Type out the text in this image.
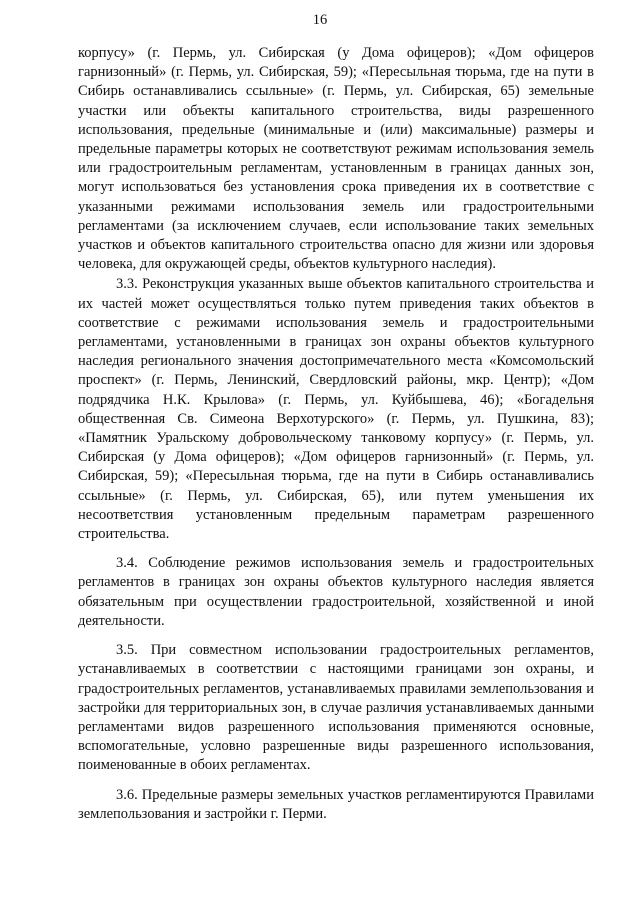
16

корпусу» (г. Пермь, ул. Сибирская (у Дома офицеров); «Дом офицеров гарнизонный» (г. Пермь, ул. Сибирская, 59); «Пересыльная тюрьма, где на пути в Сибирь останавливались ссыльные» (г. Пермь, ул. Сибирская, 65) земельные участки или объекты капитального строительства, виды разрешенного использования, предельные (минимальные и (или) максимальные) размеры и предельные параметры которых не соответствуют режимам использования земель или градостроительным регламентам, установленным в границах данных зон, могут использоваться без установления срока приведения их в соответствие с указанными режимами использования земель или градостроительными регламентами (за исключением случаев, если использование таких земельных участков и объектов капитального строительства опасно для жизни или здоровья человека, для окружающей среды, объектов культурного наследия).

3.3. Реконструкция указанных выше объектов капитального строительства и их частей может осуществляться только путем приведения таких объектов в соответствие с режимами использования земель и градостроительными регламентами, установленными в границах зон охраны объектов культурного наследия регионального значения достопримечательного места «Комсомольский проспект» (г. Пермь, Ленинский, Свердловский районы, мкр. Центр); «Дом подрядчика Н.К. Крылова» (г. Пермь, ул. Куйбышева, 46); «Богадельня общественная Св. Симеона Верхотурского» (г. Пермь, ул. Пушкина, 83); «Памятник Уральскому добровольческому танковому корпусу» (г. Пермь, ул. Сибирская (у Дома офицеров); «Дом офицеров гарнизонный» (г. Пермь, ул. Сибирская, 59); «Пересыльная тюрьма, где на пути в Сибирь останавливались ссыльные» (г. Пермь, ул. Сибирская, 65), или путем уменьшения их несоответствия установленным предельным параметрам разрешенного строительства.

3.4. Соблюдение режимов использования земель и градостроительных регламентов в границах зон охраны объектов культурного наследия является обязательным при осуществлении градостроительной, хозяйственной и иной деятельности.

3.5. При совместном использовании градостроительных регламентов, устанавливаемых в соответствии с настоящими границами зон охраны, и градостроительных регламентов, устанавливаемых правилами землепользования и застройки для территориальных зон, в случае различия устанавливаемых данными регламентами видов разрешенного использования применяются основные, вспомогательные, условно разрешенные виды разрешенного использования, поименованные в обоих регламентах.

3.6. Предельные размеры земельных участков регламентируются Правилами землепользования и застройки г. Перми.
